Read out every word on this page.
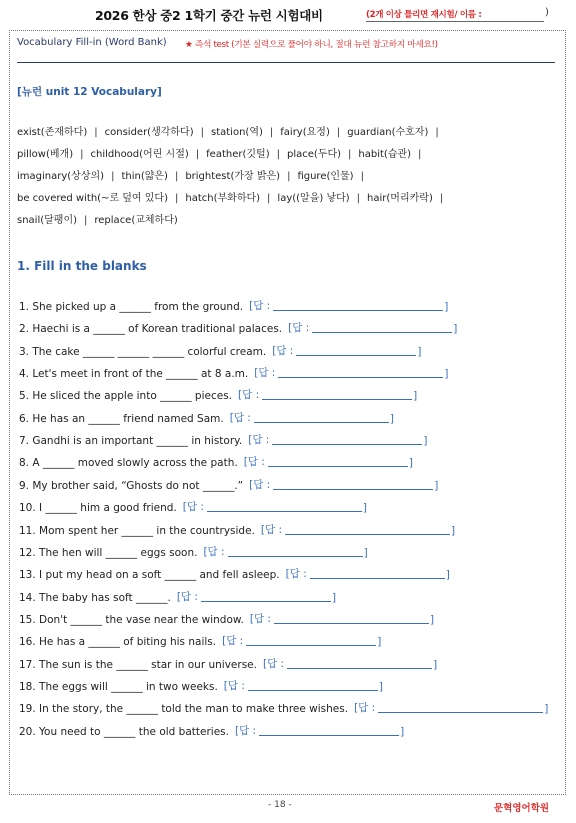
2026 한상 중2 1학기 중간 뉴런 시험대비	(2개 이상 틀리면 재시험/ 이름 :	)
Vocabulary Fill-in (Word Bank) ★ 즉석 test (기본 실력으로 풀어야 하니, 절대 뉴런 참고하지 마세요!)
[뉴런 unit 12 Vocabulary]
exist(존재하다) | consider(생각하다) | station(역) | fairy(요정) | guardian(수호자) |
pillow(베개) | childhood(어린 시절) | feather(깃털) | place(두다) | habit(습관) |
imaginary(상상의) | thin(얇은) | brightest(가장 밝은) | figure(인물) |
be covered with(~로 덮여 있다) | hatch(부화하다) | lay((알을) 낳다) | hair(머리카락) |
snail(달팽이) | replace(교체하다)
1. Fill in the blanks
1. She picked up a ______ from the ground. [답 :	]
2. Haechi is a ______ of Korean traditional palaces. [답 :	]
3. The cake ______ ______ ______ colorful cream. [답 :	]
4. Let's meet in front of the ______ at 8 a.m. [답 :	]
5. He sliced the apple into ______ pieces. [답 :	]
6. He has an ______ friend named Sam. [답 :	]
7. Gandhi is an important ______ in history. [답 :	]
8. A ______ moved slowly across the path. [답 :	]
9. My brother said, “Ghosts do not ______.” [답 :	]
10. I ______ him a good friend. [답 :	]
11. Mom spent her ______ in the countryside. [답 :	]
12. The hen will ______ eggs soon. [답 :	]
13. I put my head on a soft ______ and fell asleep. [답 :	]
14. The baby has soft ______. [답 :	]
15. Don't ______ the vase near the window. [답 :	]
16. He has a ______ of biting his nails. [답 :	]
17. The sun is the ______ star in our universe. [답 :	]
18. The eggs will ______ in two weeks. [답 :	]
19. In the story, the ______ told the man to make three wishes. [답 :	]
20. You need to ______ the old batteries. [답 :	]
- 18 -	문혁영어학원
